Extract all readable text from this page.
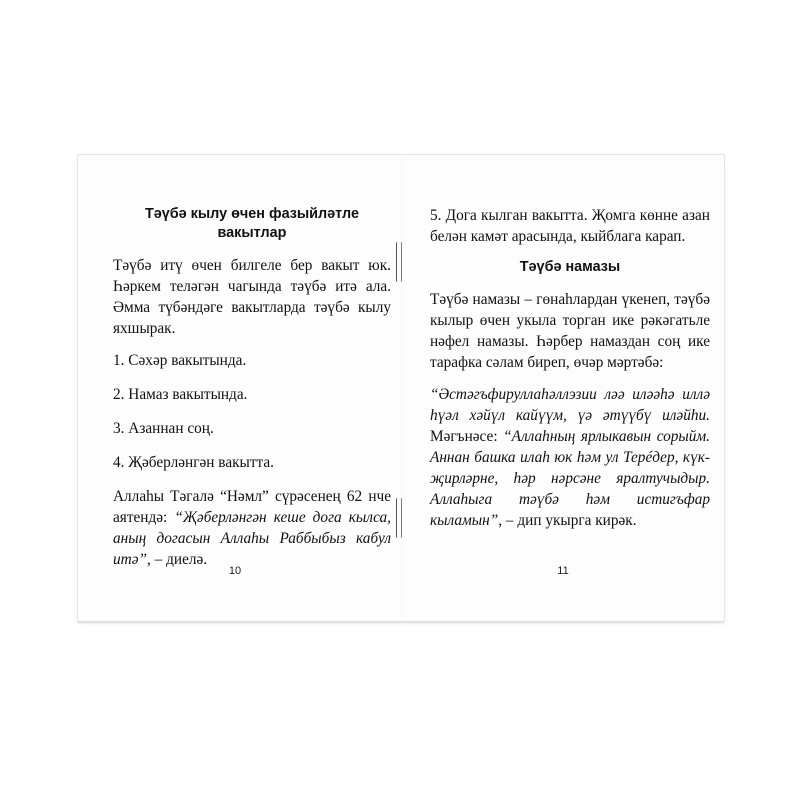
Тәүбә кылу өчен фазыйләтле вакытлар

Тәүбә итү өчен билгеле бер вакыт юк. Һәркем теләгән чагында тәүбә итә ала. Әмма түбәндәге вакытларда тәүбә кылу яхшырак.

1. Сәхәр вакытында.

2. Намаз вакытында.

3. Азаннан соң.

4. Җәберләнгән вакытта.

Аллаһы Тәгалә “Нәмл” сүрәсенең 62 нче аятендә: “Җәберләнгән кеше дога кылса, аның догасын Аллаһы Раббыбыз кабул итә”, – диелә.

5. Дога кылган вакытта. Җомга көнне азан белән камәт арасында, кыйблага карап.

Тәүбә намазы

Тәүбә намазы – гөнаһлардан үкенеп, тәүбә кылыр өчен укыла торган ике рәкәгатьле нәфел намазы. Һәрбер намаздан соң ике тарафка сәлам биреп, өчәр мәртәбә:

“Әстәгъфируллаһәллэзии ләә иләәһә иллә һүәл хәйүл кайүүм, үә әтүүбү иләйһи. Мәгънәсе: “Аллаһның ярлыкавын сорыйм. Аннан башка илаһ юк һәм ул Терéдер, күк-җирләрне, һәр нәрсәне яралтучыдыр. Аллаһыга тәүбә һәм истигъфар кыламын”, – дип укырга кирәк.

10	11
